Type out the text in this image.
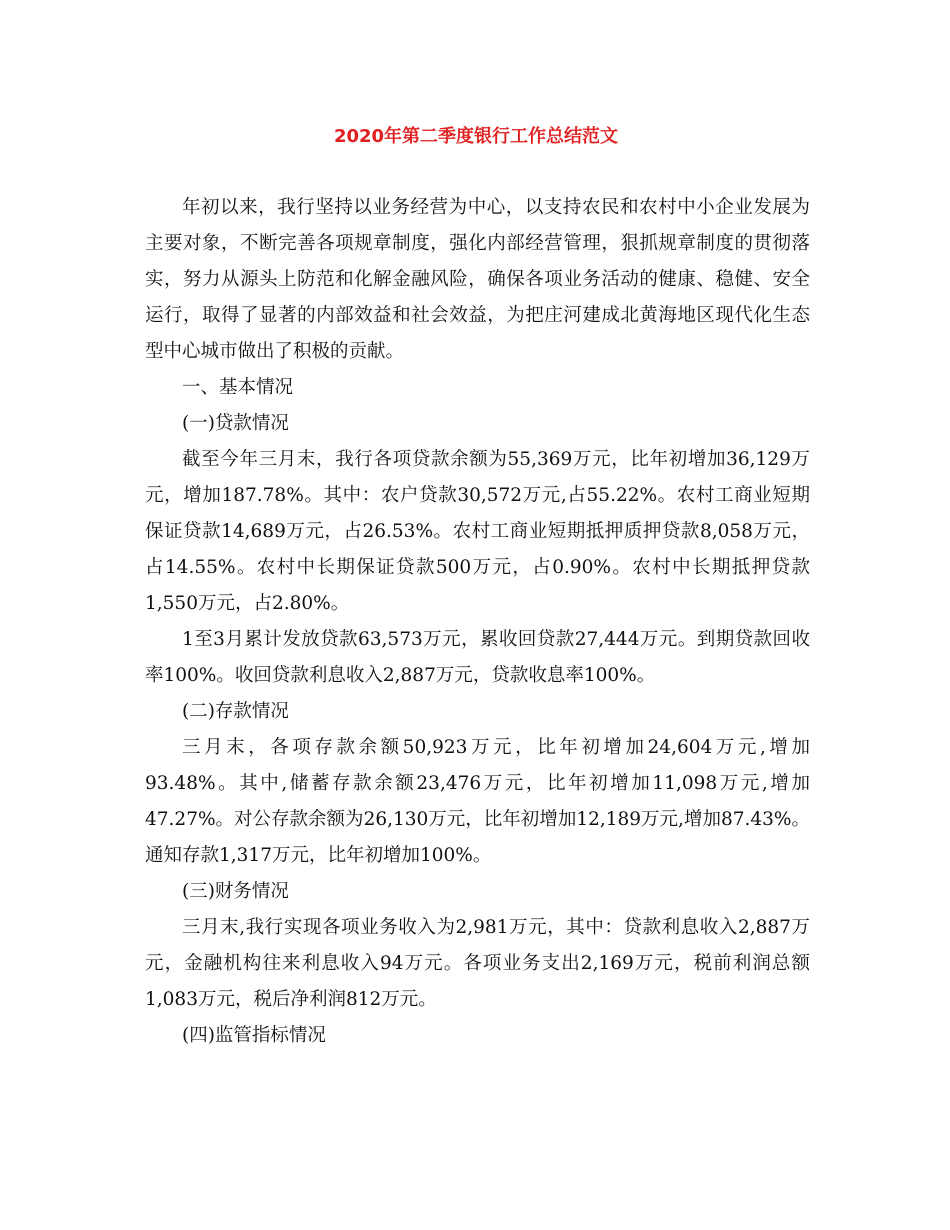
2020年第二季度银行工作总结范文

年初以来，我行坚持以业务经营为中心，以支持农民和农村中小企业发展为主要对象，不断完善各项规章制度，强化内部经营管理，狠抓规章制度的贯彻落实，努力从源头上防范和化解金融风险，确保各项业务活动的健康、稳健、安全运行，取得了显著的内部效益和社会效益，为把庄河建成北黄海地区现代化生态型中心城市做出了积极的贡献。

一、基本情况

(一)贷款情况

截至今年三月末，我行各项贷款余额为55,369万元，比年初增加36,129万元，增加187.78%。其中：农户贷款30,572万元,占55.22%。农村工商业短期保证贷款14,689万元，占26.53%。农村工商业短期抵押质押贷款8,058万元，占14.55%。农村中长期保证贷款500万元，占0.90%。农村中长期抵押贷款1,550万元，占2.80%。

1至3月累计发放贷款63,573万元，累收回贷款27,444万元。到期贷款回收率100%。收回贷款利息收入2,887万元，贷款收息率100%。

(二)存款情况

三月末，各项存款余额50,923万元，比年初增加24,604万元,增加93.48%。其中,储蓄存款余额23,476万元，比年初增加11,098万元,增加47.27%。对公存款余额为26,130万元，比年初增加12,189万元,增加87.43%。通知存款1,317万元，比年初增加100%。

(三)财务情况

三月末,我行实现各项业务收入为2,981万元，其中：贷款利息收入2,887万元，金融机构往来利息收入94万元。各项业务支出2,169万元，税前利润总额1,083万元，税后净利润812万元。

(四)监管指标情况
